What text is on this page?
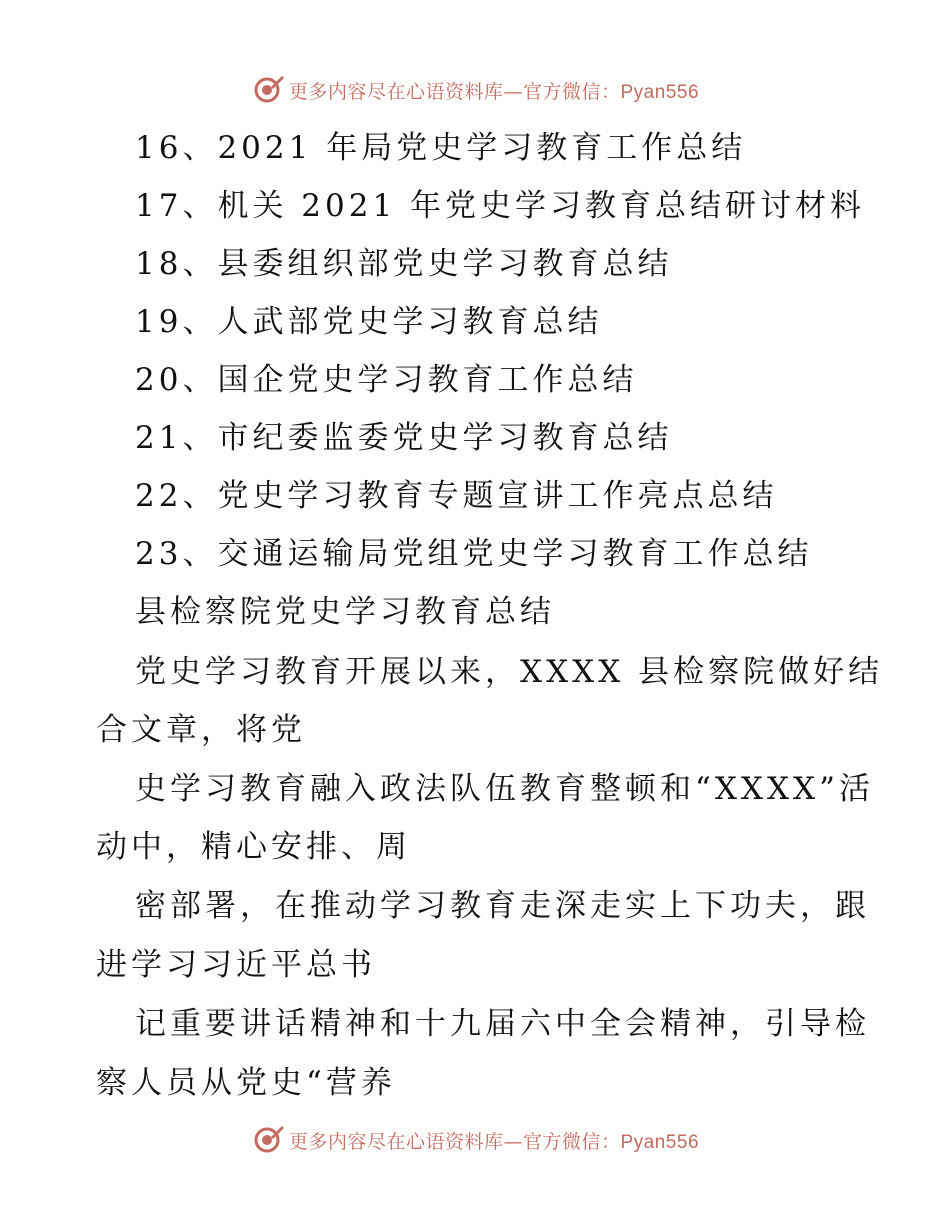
更多内容尽在心语资料库—官方微信：Pyan556
16、2021 年局党史学习教育工作总结
17、机关 2021 年党史学习教育总结研讨材料
18、县委组织部党史学习教育总结
19、人武部党史学习教育总结
20、国企党史学习教育工作总结
21、市纪委监委党史学习教育总结
22、党史学习教育专题宣讲工作亮点总结
23、交通运输局党组党史学习教育工作总结
县检察院党史学习教育总结
党史学习教育开展以来，XXXX 县检察院做好结
合文章，将党
史学习教育融入政法队伍教育整顿和“XXXX”活
动中，精心安排、周
密部署，在推动学习教育走深走实上下功夫，跟
进学习习近平总书
记重要讲话精神和十九届六中全会精神，引导检
察人员从党史“营养
更多内容尽在心语资料库—官方微信：Pyan556
